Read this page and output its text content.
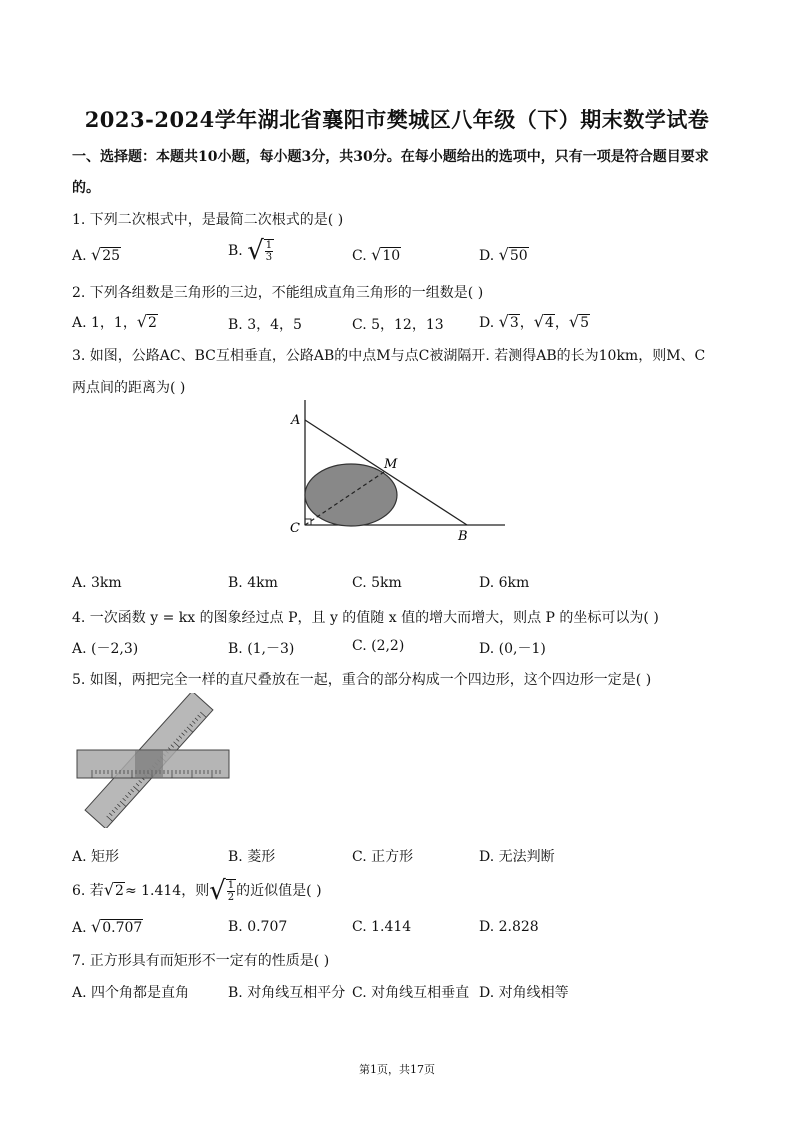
2023-2024学年湖北省襄阳市樊城区八年级（下）期末数学试卷
一、选择题：本题共10小题，每小题3分，共30分。在每小题给出的选项中，只有一项是符合题目要求
的。
1. 下列二次根式中，是最简二次根式的是( )
A. √25	B. √ $\frac{1}{3}$	C. √10	D. √50
2. 下列各组数是三角形的三边，不能组成直角三角形的一组数是( )
A. 1，1，√2	B. 3，4，5	C. 5，12，13	D. √3，√4，√5
3. 如图，公路AC、BC互相垂直，公路AB的中点M与点C被湖隔开. 若测得AB的长为10km，则M、C
两点间的距离为( )
A
M
C
B
A. 3km	B. 4km	C. 5km	D. 6km
4. 一次函数 y = kx 的图象经过点 P，且 y 的值随 x 值的增大而增大，则点 P 的坐标可以为( )
A. (－2,3)	B. (1,－3)	C. (2,2)	D. (0,－1)
5. 如图，两把完全一样的直尺叠放在一起，重合的部分构成一个四边形，这个四边形一定是( )
A. 矩形	B. 菱形	C. 正方形	D. 无法判断
6. 若√2≈ 1.414，则√ $\frac{1}{2}$ 的近似值是( )
A. √0.707	B. 0.707	C. 1.414	D. 2.828
7. 正方形具有而矩形不一定有的性质是( )
A. 四个角都是直角	B. 对角线互相平分 C. 对角线互相垂直 D. 对角线相等
第1页，共17页
